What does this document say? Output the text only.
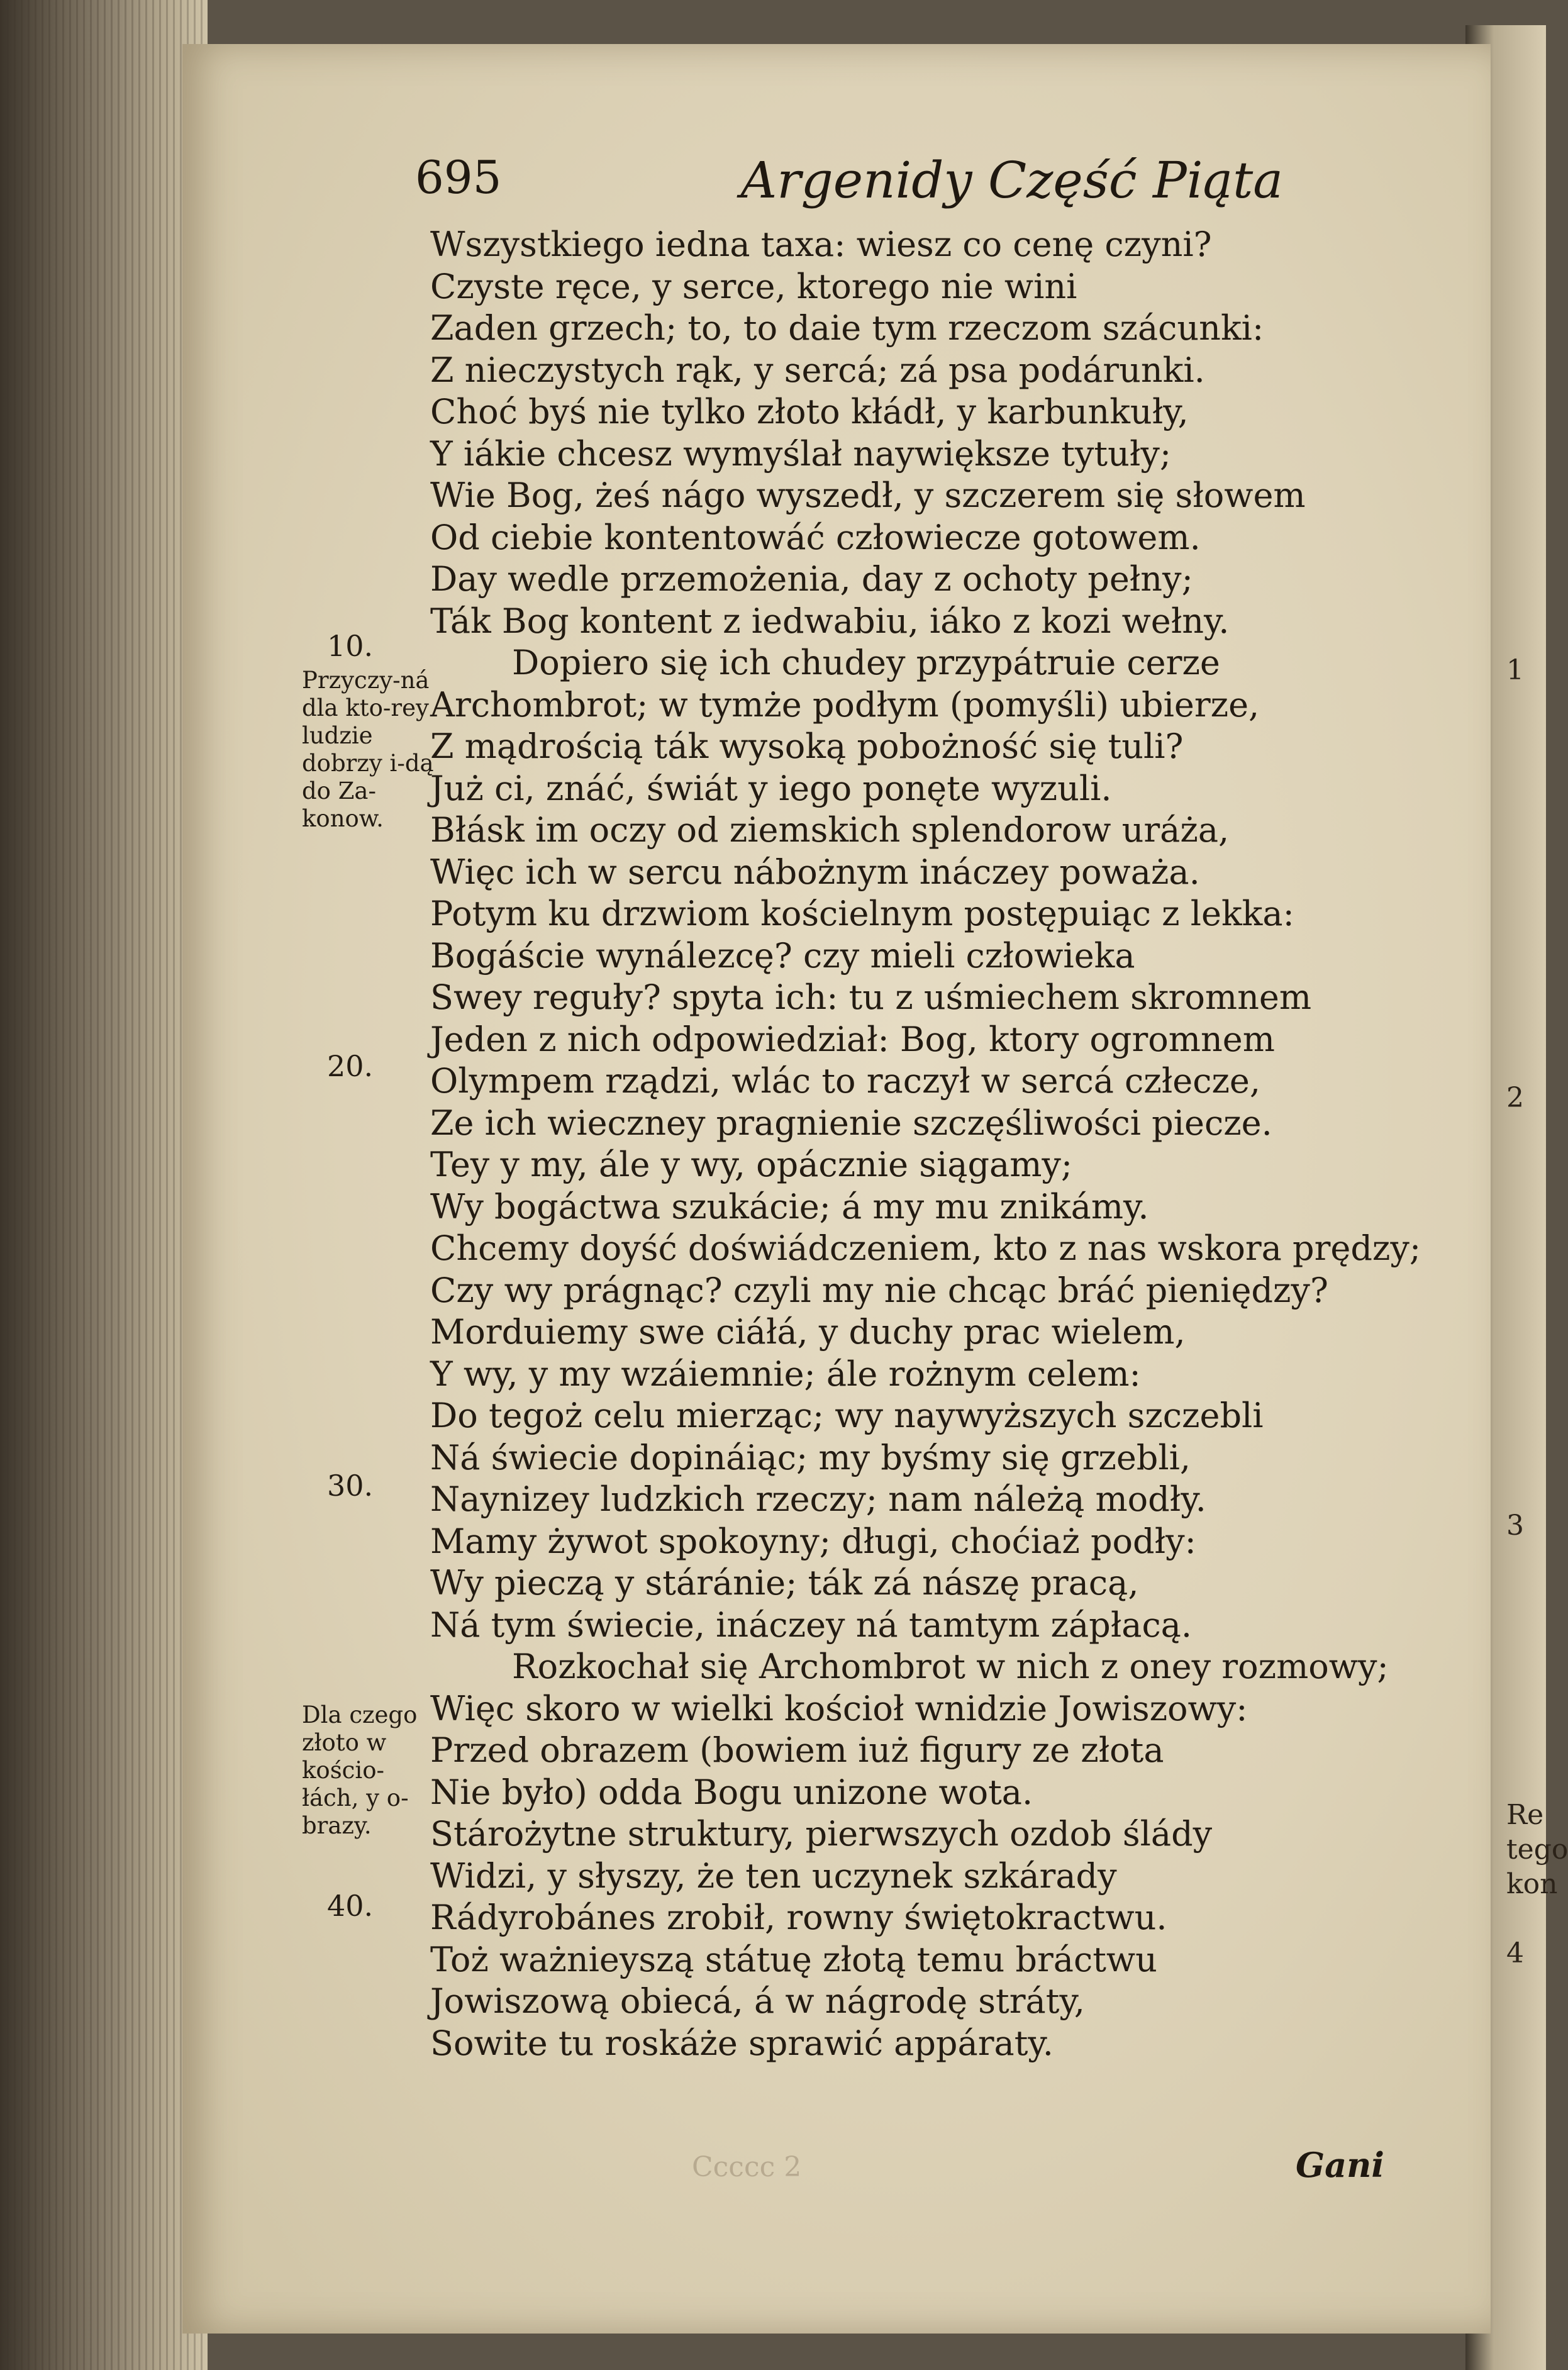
1
2
3
Re
tego
kon
4
695	Argenidy Część Piąta
Wszystkiego iedna taxa: wiesz co cenę czyni?
Czyste ręce, y serce, ktorego nie wini
Zaden grzech; to, to daie tym rzeczom szácunki:
Z nieczystych rąk, y sercá; zá psa podárunki.
Choć byś nie tylko złoto kłádł, y karbunkuły,
Y iákie chcesz wymyślał naywiększe tytuły;
Wie Bog, żeś nágo wyszedł, y szczerem się słowem
Od ciebie kontentowáć człowiecze gotowem.
Day wedle przemożenia, day z ochoty pełny;
Ták Bog kontent z iedwabiu, iáko z kozi wełny.
Dopiero się ich chudey przypátruie cerze
Archombrot; w tymże podłym (pomyśli) ubierze,
Z mądrością ták wysoką pobożność się tuli?
Już ci, znáć, świát y iego ponęte wyzuli.
Błásk im oczy od ziemskich splendorow uráża,
Więc ich w sercu nábożnym ináczey poważa.
Potym ku drzwiom kościelnym postępuiąc z lekka:
Bogáście wynálezcę? czy mieli człowieka
Swey reguły? spyta ich: tu z uśmiechem skromnem
Jeden z nich odpowiedział: Bog, ktory ogromnem
Olympem rządzi, wlác to raczył w sercá człecze,
Ze ich wieczney pragnienie szczęśliwości piecze.
Tey y my, ále y wy, opácznie siągamy;
Wy bogáctwa szukácie; á my mu znikámy.
Chcemy doyść doświádczeniem, kto z nas wskora prędzy;
Czy wy prágnąc? czyli my nie chcąc bráć pieniędzy?
Morduiemy swe ciáłá, y duchy prac wielem,
Y wy, y my wzáiemnie; ále rożnym celem:
Do tegoż celu mierząc; wy naywyższych szczebli
Ná świecie dopináiąc; my byśmy się grzebli,
Naynizey ludzkich rzeczy; nam náleżą modły.
Mamy żywot spokoyny; długi, choćiaż podły:
Wy pieczą y stáránie; ták zá nászę pracą,
Ná tym świecie, ináczey ná tamtym zápłacą.
Rozkochał się Archombrot w nich z oney rozmowy;
Więc skoro w wielki kościoł wnidzie Jowiszowy:
Przed obrazem (bowiem iuż figury ze złota
Nie było) odda Bogu unizone wota.
Stárożytne struktury, pierwszych ozdob ślády
Widzi, y słyszy, że ten uczynek szkárady
Rádyrobánes zrobił, rowny świętokractwu.
Toż ważnieyszą státuę złotą temu bráctwu
Jowiszową obiecá, á w nágrodę stráty,
Sowite tu roskáże sprawić appáraty.
10.
20.
30.
40.
Przyczy-ná dla kto-rey ludzie dobrzy i-dą do Za-konow.
Dla czego złoto w kościo-łách, y o-brazy.
Ccccc 2	Gani
